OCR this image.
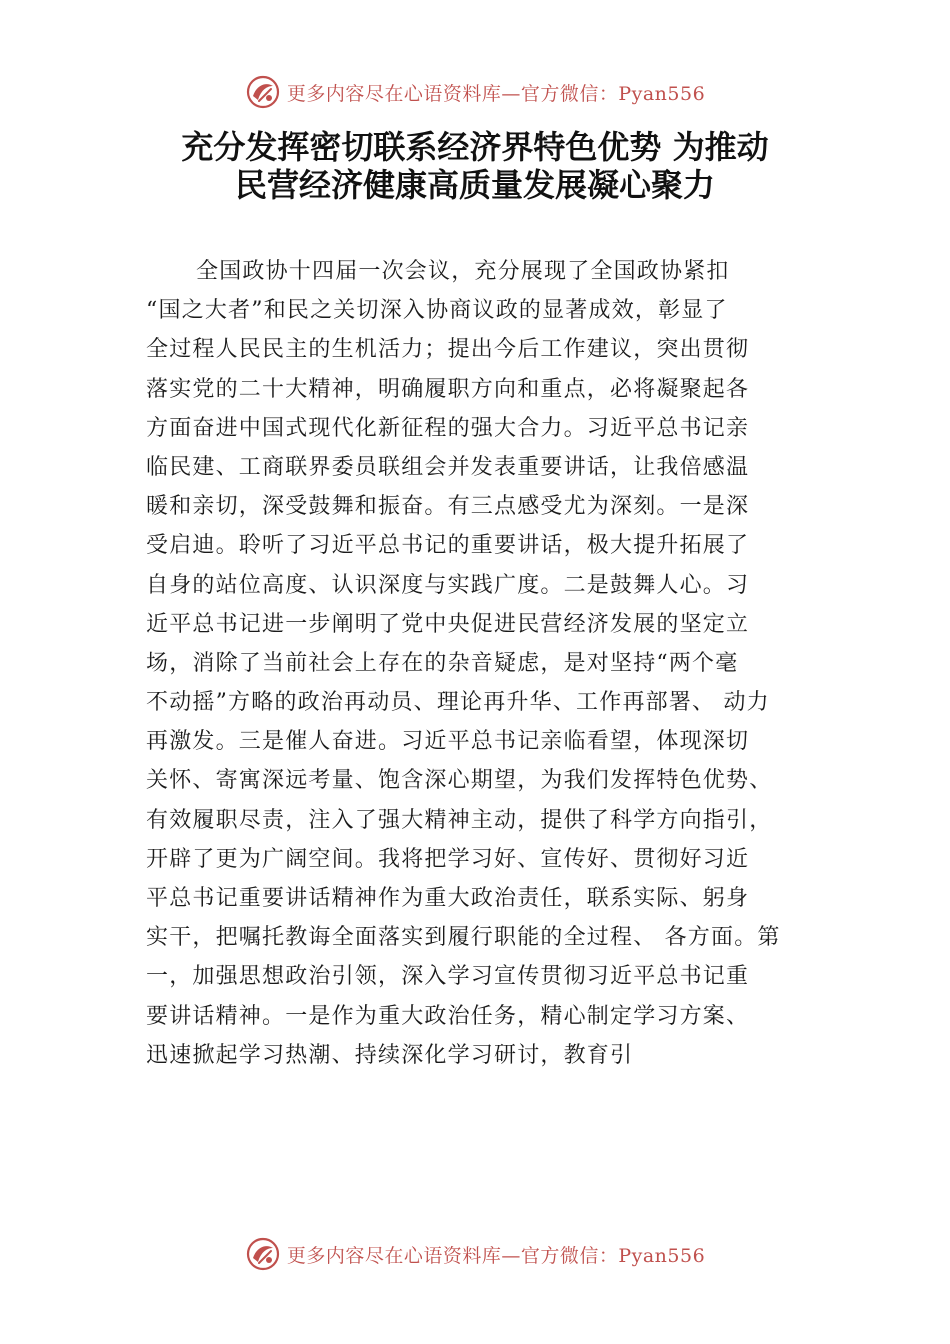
更多内容尽在心语资料库—官方微信：Pyan556
充分发挥密切联系经济界特色优势 为推动
民营经济健康高质量发展凝心聚力
全国政协十四届一次会议，充分展现了全国政协紧扣
“国之大者”和民之关切深入协商议政的显著成效，彰显了
全过程人民民主的生机活力；提出今后工作建议，突出贯彻
落实党的二十大精神，明确履职方向和重点，必将凝聚起各
方面奋进中国式现代化新征程的强大合力。习近平总书记亲
临民建、工商联界委员联组会并发表重要讲话，让我倍感温
暖和亲切，深受鼓舞和振奋。有三点感受尤为深刻。一是深
受启迪。聆听了习近平总书记的重要讲话，极大提升拓展了
自身的站位高度、认识深度与实践广度。二是鼓舞人心。习
近平总书记进一步阐明了党中央促进民营经济发展的坚定立
场，消除了当前社会上存在的杂音疑虑，是对坚持“两个毫
不动摇”方略的政治再动员、理论再升华、工作再部署、 动力
再激发。三是催人奋进。习近平总书记亲临看望，体现深切
关怀、寄寓深远考量、饱含深心期望，为我们发挥特色优势、
有效履职尽责，注入了强大精神主动，提供了科学方向指引，
开辟了更为广阔空间。我将把学习好、宣传好、贯彻好习近
平总书记重要讲话精神作为重大政治责任，联系实际、躬身
实干，把嘱托教诲全面落实到履行职能的全过程、 各方面。第
一，加强思想政治引领，深入学习宣传贯彻习近平总书记重
要讲话精神。一是作为重大政治任务，精心制定学习方案、
迅速掀起学习热潮、持续深化学习研讨，教育引
更多内容尽在心语资料库—官方微信：Pyan556
